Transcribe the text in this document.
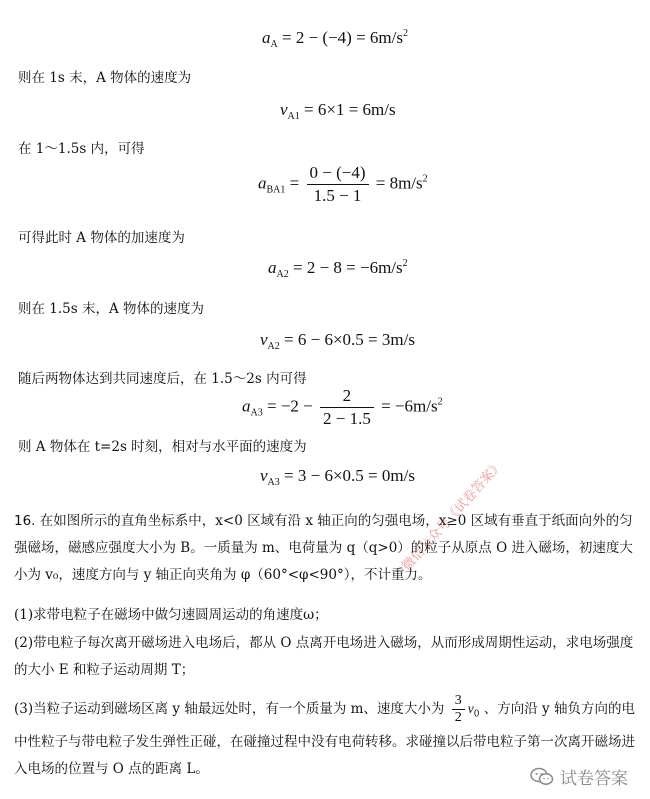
$a_A = 2 - (-4) = 6m/s^2$
则在 1s 末，A 物体的速度为
$v_{A1} = 6\times 1 = 6m/s$
在 1～1.5s 内，可得
$a_{BA1} = \frac{0 - (-4)}{1.5 - 1} = 8m/s^2$
可得此时 A 物体的加速度为
$a_{A2} = 2 - 8 = -6m/s^2$
则在 1.5s 末，A 物体的速度为
$v_{A2} = 6 - 6\times 0.5 = 3m/s$
随后两物体达到共同速度后，在 1.5～2s 内可得
$a_{A3} = -2 - \frac{2}{2 - 1.5} = -6m/s^2$
则 A 物体在 t=2s 时刻，相对与水平面的速度为
$v_{A3} = 3 - 6\times 0.5 = 0m/s$
16. 在如图所示的直角坐标系中，x<0 区域有沿 x 轴正向的匀强电场，x≥0 区域有垂直于纸面向外的匀强磁场，磁感应强度大小为 B。一质量为 m、电荷量为 q（q>0）的粒子从原点 O 进入磁场，初速度大小为 v₀，速度方向与 y 轴正向夹角为 φ（60°<φ<90°），不计重力。
(1)求带电粒子在磁场中做匀速圆周运动的角速度ω；
(2)带电粒子每次离开磁场进入电场后，都从 O 点离开电场进入磁场，从而形成周期性运动，求电场强度的大小 E 和粒子运动周期 T；
(3)当粒子运动到磁场区离 y 轴最远处时，有一个质量为 m、速度大小为 $\frac{3}{2} v_0$ 、方向沿 y 轴负方向的电中性粒子与带电粒子发生弹性正碰，在碰撞过程中没有电荷转移。求碰撞以后带电粒子第一次离开磁场进入电场的位置与 O 点的距离 L。
微信公众号《试卷答案》
试卷答案
